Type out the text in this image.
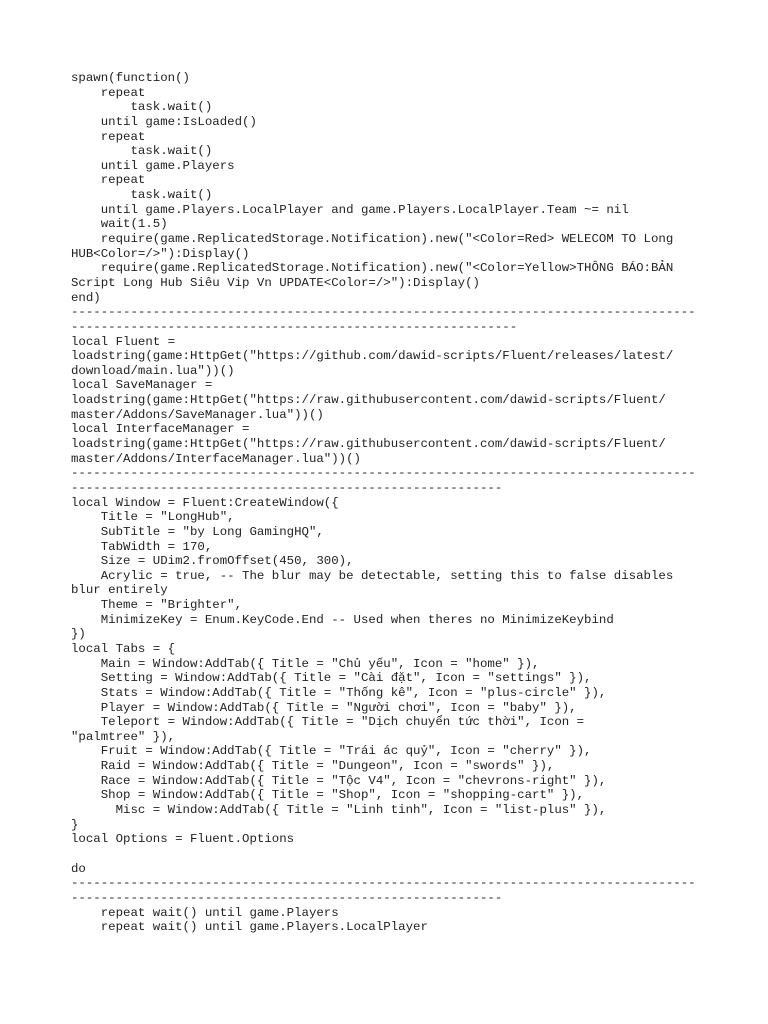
spawn(function()
repeat
task.wait()
until game:IsLoaded()
repeat
task.wait()
until game.Players
repeat
task.wait()
until game.Players.LocalPlayer and game.Players.LocalPlayer.Team ~= nil
wait(1.5)
require(game.ReplicatedStorage.Notification).new("<Color=Red> WELECOM TO Long
HUB<Color=/>"):Display()
require(game.ReplicatedStorage.Notification).new("<Color=Yellow>THÔNG BÁO:BẢN
Script Long Hub Siêu Vip Vn UPDATE<Color=/>"):Display()
end)
------------------------------------------------------------------------------------
------------------------------------------------------------
local Fluent =
loadstring(game:HttpGet("https://github.com/dawid-scripts/Fluent/releases/latest/
download/main.lua"))()
local SaveManager =
loadstring(game:HttpGet("https://raw.githubusercontent.com/dawid-scripts/Fluent/
master/Addons/SaveManager.lua"))()
local InterfaceManager =
loadstring(game:HttpGet("https://raw.githubusercontent.com/dawid-scripts/Fluent/
master/Addons/InterfaceManager.lua"))()
------------------------------------------------------------------------------------
----------------------------------------------------------
local Window = Fluent:CreateWindow({
Title = "LongHub",
SubTitle = "by Long GamingHQ",
TabWidth = 170,
Size = UDim2.fromOffset(450, 300),
Acrylic = true, -- The blur may be detectable, setting this to false disables
blur entirely
Theme = "Brighter",
MinimizeKey = Enum.KeyCode.End -- Used when theres no MinimizeKeybind
})
local Tabs = {
Main = Window:AddTab({ Title = "Chủ yếu", Icon = "home" }),
Setting = Window:AddTab({ Title = "Cài đặt", Icon = "settings" }),
Stats = Window:AddTab({ Title = "Thống kê", Icon = "plus-circle" }),
Player = Window:AddTab({ Title = "Người chơi", Icon = "baby" }),
Teleport = Window:AddTab({ Title = "Dịch chuyển tức thời", Icon =
"palmtree" }),
Fruit = Window:AddTab({ Title = "Trái ác quỷ", Icon = "cherry" }),
Raid = Window:AddTab({ Title = "Dungeon", Icon = "swords" }),
Race = Window:AddTab({ Title = "Tộc V4", Icon = "chevrons-right" }),
Shop = Window:AddTab({ Title = "Shop", Icon = "shopping-cart" }),
Misc = Window:AddTab({ Title = "Linh tinh", Icon = "list-plus" }),
}
local Options = Fluent.Options
do
------------------------------------------------------------------------------------
----------------------------------------------------------
repeat wait() until game.Players
repeat wait() until game.Players.LocalPlayer
